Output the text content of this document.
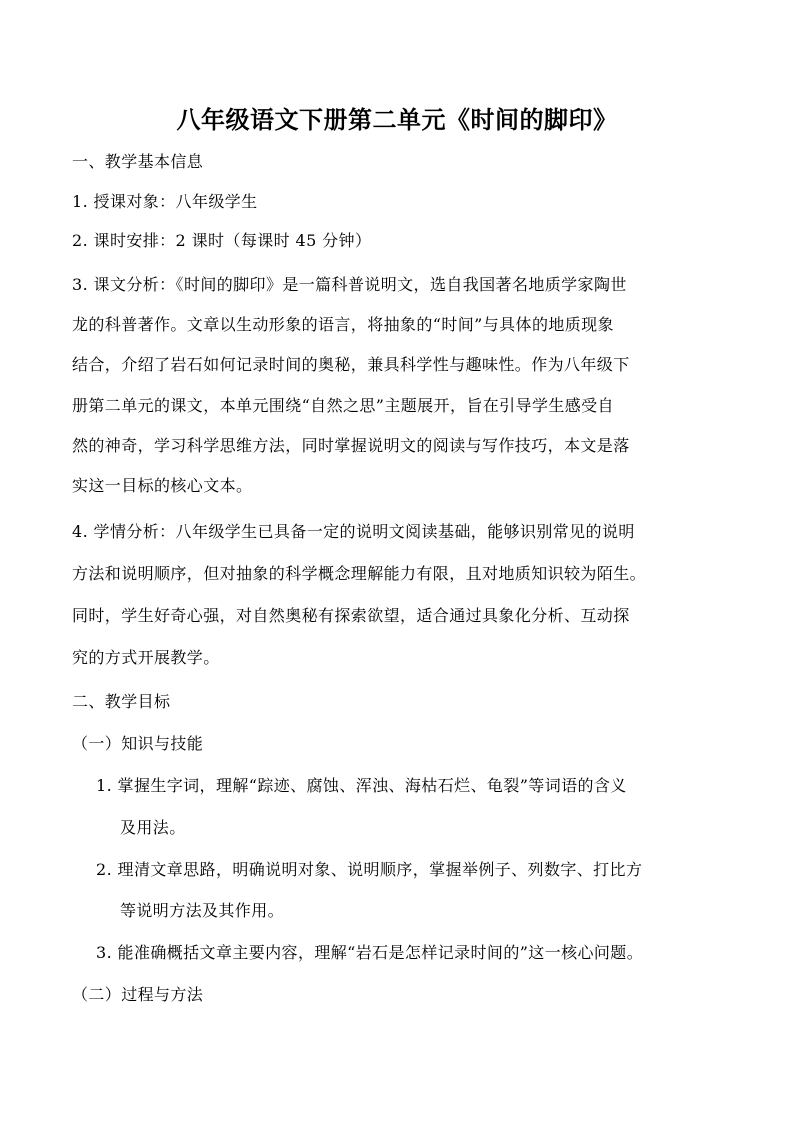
八年级语文下册第二单元《时间的脚印》
一、教学基本信息
1. 授课对象：八年级学生
2. 课时安排：2 课时（每课时 45 分钟）
3. 课文分析：《时间的脚印》是一篇科普说明文，选自我国著名地质学家陶世
龙的科普著作。文章以生动形象的语言，将抽象的“时间”与具体的地质现象
结合，介绍了岩石如何记录时间的奥秘，兼具科学性与趣味性。作为八年级下
册第二单元的课文，本单元围绕“自然之思”主题展开，旨在引导学生感受自
然的神奇，学习科学思维方法，同时掌握说明文的阅读与写作技巧，本文是落
实这一目标的核心文本。
4. 学情分析：八年级学生已具备一定的说明文阅读基础，能够识别常见的说明
方法和说明顺序，但对抽象的科学概念理解能力有限，且对地质知识较为陌生。
同时，学生好奇心强，对自然奥秘有探索欲望，适合通过具象化分析、互动探
究的方式开展教学。
二、教学目标
（一）知识与技能
1. 掌握生字词，理解“踪迹、腐蚀、浑浊、海枯石烂、龟裂”等词语的含义
及用法。
2. 理清文章思路，明确说明对象、说明顺序，掌握举例子、列数字、打比方
等说明方法及其作用。
3. 能准确概括文章主要内容，理解“岩石是怎样记录时间的”这一核心问题。
（二）过程与方法
